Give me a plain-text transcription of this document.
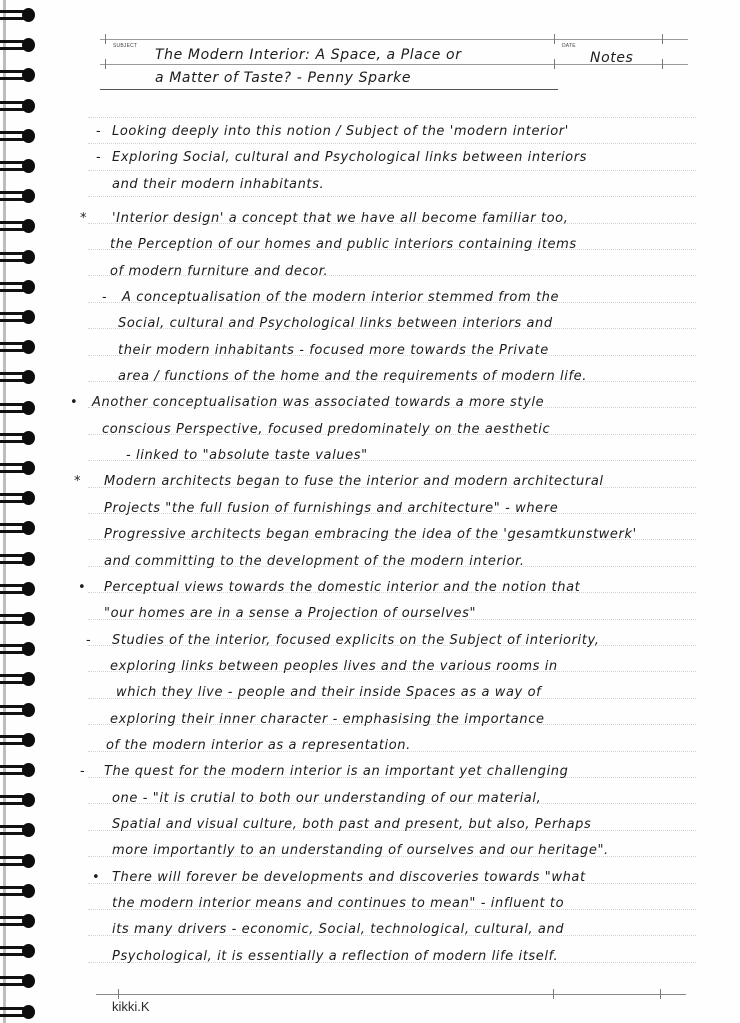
SUBJECT	DATE
The Modern Interior: A Space, a Place or
a Matter of Taste? - Penny Sparke
Notes
- Looking deeply into this notion / Subject of the 'modern interior'
- Exploring Social, cultural and Psychological links between interiors
and their modern inhabitants.
* 'Interior design' a concept that we have all become familiar too,
the Perception of our homes and public interiors containing items
of modern furniture and decor.
- A conceptualisation of the modern interior stemmed from the
Social, cultural and Psychological links between interiors and
their modern inhabitants - focused more towards the Private
area / functions of the home and the requirements of modern life.
• Another conceptualisation was associated towards a more style
conscious Perspective, focused predominately on the aesthetic
- linked to "absolute taste values"
* Modern architects began to fuse the interior and modern architectural
Projects "the full fusion of furnishings and architecture" - where
Progressive architects began embracing the idea of the 'gesamtkunstwerk'
and committing to the development of the modern interior.
• Perceptual views towards the domestic interior and the notion that
"our homes are in a sense a Projection of ourselves"
- Studies of the interior, focused explicits on the Subject of interiority,
exploring links between peoples lives and the various rooms in
which they live - people and their inside Spaces as a way of
exploring their inner character - emphasising the importance
of the modern interior as a representation.
- The quest for the modern interior is an important yet challenging
one - "it is crutial to both our understanding of our material,
Spatial and visual culture, both past and present, but also, Perhaps
more importantly to an understanding of ourselves and our heritage".
• There will forever be developments and discoveries towards "what
the modern interior means and continues to mean" - influent to
its many drivers - economic, Social, technological, cultural, and
Psychological, it is essentially a reflection of modern life itself.
kikki.K
